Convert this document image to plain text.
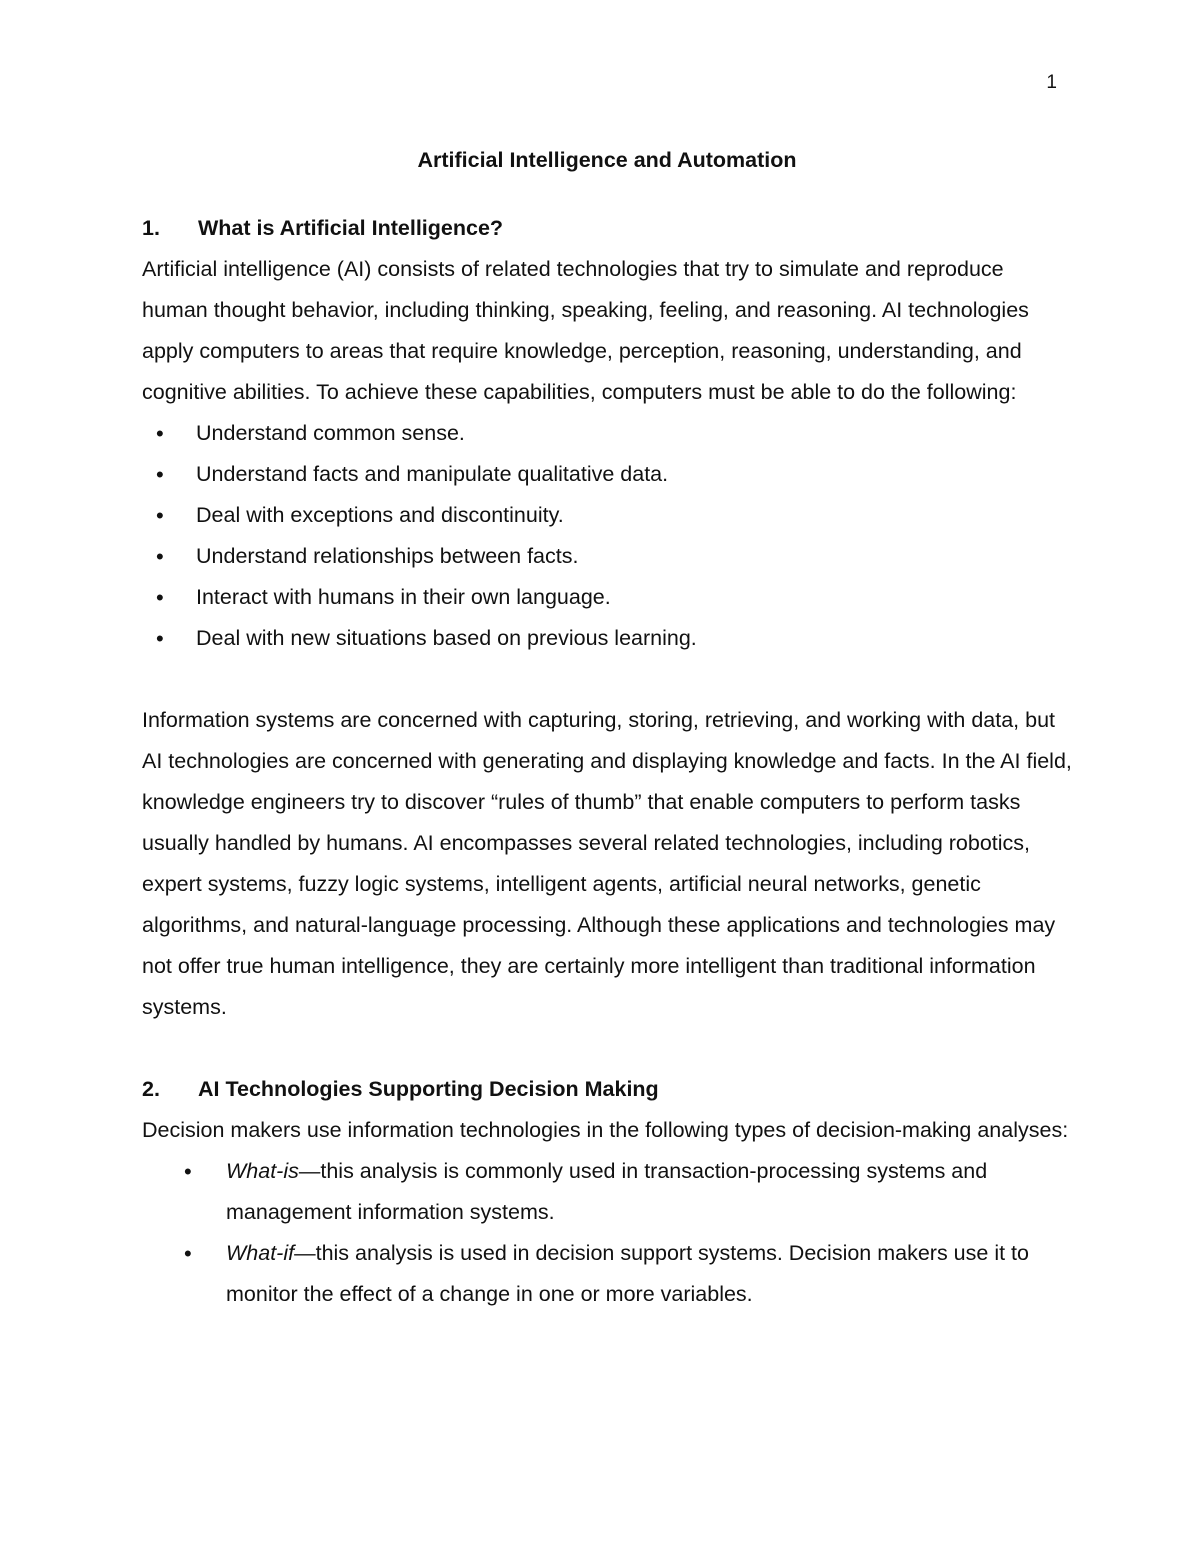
1
Artificial Intelligence and Automation
1. What is Artificial Intelligence?

Artificial intelligence (AI) consists of related technologies that try to simulate and reproduce human thought behavior, including thinking, speaking, feeling, and reasoning. AI technologies apply computers to areas that require knowledge, perception, reasoning, understanding, and cognitive abilities. To achieve these capabilities, computers must be able to do the following:

• Understand common sense.
• Understand facts and manipulate qualitative data.
• Deal with exceptions and discontinuity.
• Understand relationships between facts.
• Interact with humans in their own language.
• Deal with new situations based on previous learning.

Information systems are concerned with capturing, storing, retrieving, and working with data, but AI technologies are concerned with generating and displaying knowledge and facts. In the AI field, knowledge engineers try to discover “rules of thumb” that enable computers to perform tasks usually handled by humans. AI encompasses several related technologies, including robotics, expert systems, fuzzy logic systems, intelligent agents, artificial neural networks, genetic algorithms, and natural-language processing. Although these applications and technologies may not offer true human intelligence, they are certainly more intelligent than traditional information systems.

2. AI Technologies Supporting Decision Making

Decision makers use information technologies in the following types of decision-making analyses:

• What-is—this analysis is commonly used in transaction-processing systems and management information systems.
• What-if—this analysis is used in decision support systems. Decision makers use it to monitor the effect of a change in one or more variables.
